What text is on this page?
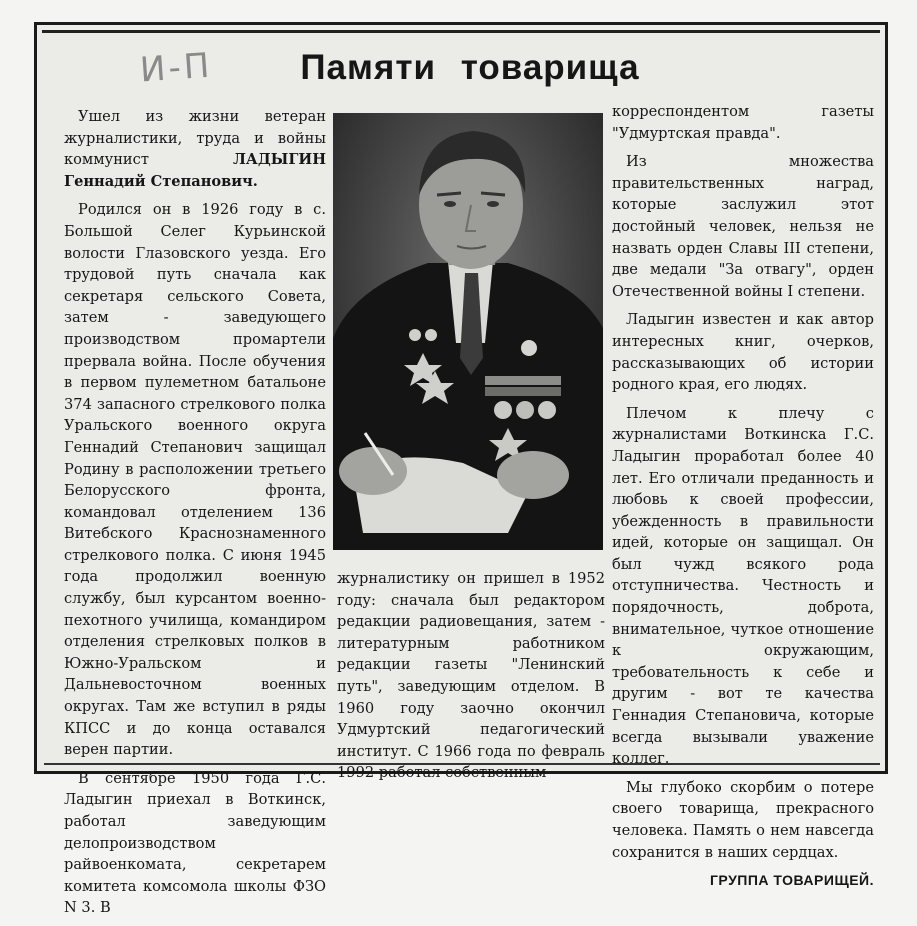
И-П	Памяти товарища

Ушел из жизни ветеран журналистики, труда и войны коммунист	ЛАДЫГИН Геннадий Степанович.

Родился он в 1926 году в с. Большой Селег Курьинской волости Глазовского уезда. Его трудовой путь сначала как секретаря сельского Совета, затем - заведующего производством промартели прервала война. После обучения в первом пулеметном батальоне 374 запасного стрелкового полка Уральского военного округа Геннадий Степанович защищал Родину в расположении третьего Белорусского фронта, командовал отделением 136 Витебского Краснознаменного стрелкового полка. С июня 1945 года продолжил военную службу, был курсантом военно-пехотного училища, командиром отделения стрелковых полков в Южно-Уральском и Дальневосточном военных округах. Там же вступил в ряды КПСС и до конца оставался верен партии.

В сентябре 1950 года Г.С. Ладыгин приехал в Воткинск, работал заведующим делопроизводством райвоенкомата, секретарем комитета комсомола школы ФЗО N 3. В

журналистику он пришел в 1952 году: сначала был редактором редакции радиовещания, затем - литературным работником редакции газеты "Ленинский путь", заведующим отделом. В 1960 году заочно окончил Удмуртский педагогический институт. С 1966 года по февраль 1992 работал собственным

корреспондентом газеты "Удмуртская правда".

Из множества правительственных наград, которые заслужил этот достойный человек, нельзя не назвать орден Славы III степени, две медали "За отвагу", орден Отечественной войны I степени.

Ладыгин известен и как автор интересных книг, очерков, рассказывающих об истории родного края, его людях.

Плечом к плечу с журналистами Воткинска Г.С. Ладыгин проработал более 40 лет. Его отличали преданность и любовь к своей профессии, убежденность в правильности идей, которые он защищал. Он был чужд всякого рода отступничества. Честность и порядочность, доброта, внимательное, чуткое отношение к окружающим, требовательность к себе и другим - вот те качества Геннадия Степановича, которые всегда вызывали уважение коллег.

Мы глубоко скорбим о потере своего товарища, прекрасного человека. Память о нем навсегда сохранится в наших сердцах.

ГРУППА ТОВАРИЩЕЙ.
